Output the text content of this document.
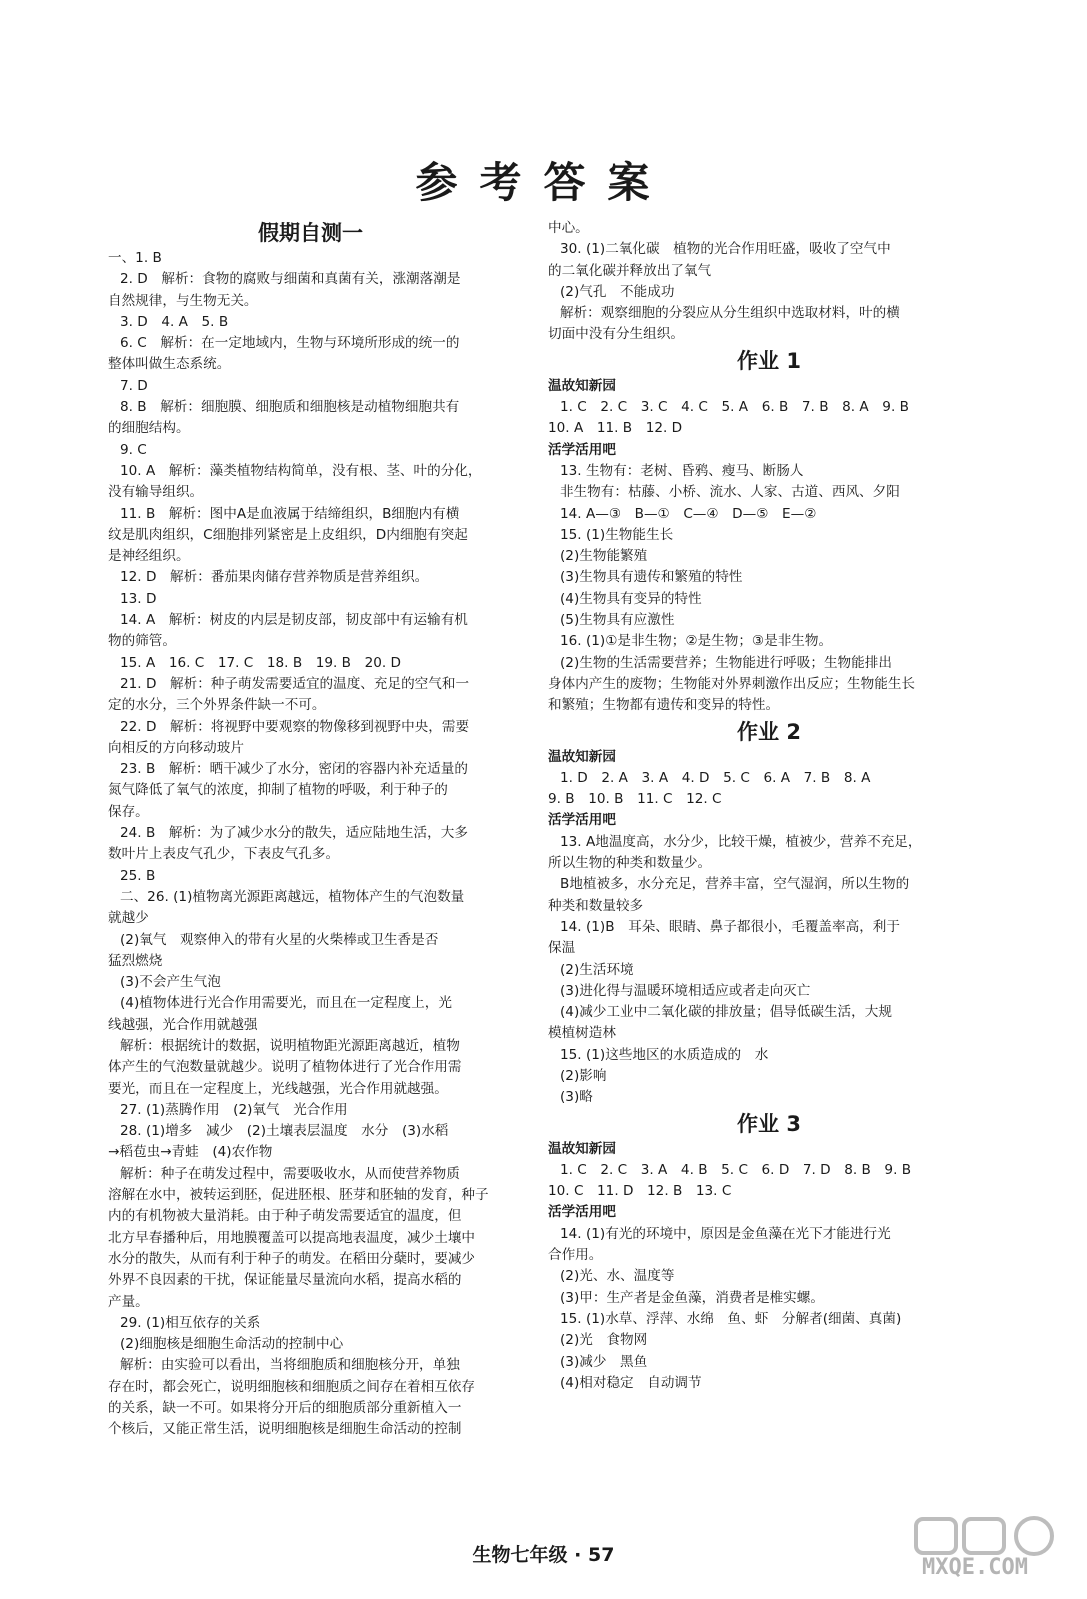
参考答案
假期自测一

一、1. B

2. D　解析：食物的腐败与细菌和真菌有关，涨潮落潮是

自然规律，与生物无关。

3. D　4. A　5. B

6. C　解析：在一定地域内，生物与环境所形成的统一的

整体叫做生态系统。

7. D

8. B　解析：细胞膜、细胞质和细胞核是动植物细胞共有

的细胞结构。

9. C

10. A　解析：藻类植物结构简单，没有根、茎、叶的分化，

没有输导组织。

11. B　解析：图中A是血液属于结缔组织，B细胞内有横

纹是肌肉组织，C细胞排列紧密是上皮组织，D内细胞有突起

是神经组织。

12. D　解析：番茄果肉储存营养物质是营养组织。

13. D

14. A　解析：树皮的内层是韧皮部，韧皮部中有运输有机

物的筛管。

15. A　16. C　17. C　18. B　19. B　20. D

21. D　解析：种子萌发需要适宜的温度、充足的空气和一

定的水分，三个外界条件缺一不可。

22. D　解析：将视野中要观察的物像移到视野中央，需要

向相反的方向移动玻片

23. B　解析：晒干减少了水分，密闭的容器内补充适量的

氮气降低了氧气的浓度，抑制了植物的呼吸，利于种子的

保存。

24. B　解析：为了减少水分的散失，适应陆地生活，大多

数叶片上表皮气孔少，下表皮气孔多。

25. B

二、26. (1)植物离光源距离越远，植物体产生的气泡数量

就越少

(2)氧气　观察伸入的带有火星的火柴棒或卫生香是否

猛烈燃烧

(3)不会产生气泡

(4)植物体进行光合作用需要光，而且在一定程度上，光

线越强，光合作用就越强

解析：根据统计的数据，说明植物距光源距离越近，植物

体产生的气泡数量就越少。说明了植物体进行了光合作用需

要光，而且在一定程度上，光线越强，光合作用就越强。

27. (1)蒸腾作用　(2)氧气　光合作用

28. (1)增多　减少　(2)土壤表层温度　水分　(3)水稻

→稻苞虫→青蛙　(4)农作物

解析：种子在萌发过程中，需要吸收水，从而使营养物质

溶解在水中，被转运到胚，促进胚根、胚芽和胚轴的发育，种子

内的有机物被大量消耗。由于种子萌发需要适宜的温度，但

北方早春播种后，用地膜覆盖可以提高地表温度，减少土壤中

水分的散失，从而有利于种子的萌发。在稻田分蘖时，要减少

外界不良因素的干扰，保证能量尽量流向水稻，提高水稻的

产量。

29. (1)相互依存的关系

(2)细胞核是细胞生命活动的控制中心

解析：由实验可以看出，当将细胞质和细胞核分开，单独

存在时，都会死亡，说明细胞核和细胞质之间存在着相互依存

的关系，缺一不可。如果将分开后的细胞质部分重新植入一

个核后，又能正常生活，说明细胞核是细胞生命活动的控制

中心。

30. (1)二氧化碳　植物的光合作用旺盛，吸收了空气中

的二氧化碳并释放出了氧气

(2)气孔　不能成功

解析：观察细胞的分裂应从分生组织中选取材料，叶的横

切面中没有分生组织。

作业 1
温故知新园

1. C　2. C　3. C　4. C　5. A　6. B　7. B　8. A　9. B

10. A　11. B　12. D

活学活用吧

13. 生物有：老树、昏鸦、瘦马、断肠人

非生物有：枯藤、小桥、流水、人家、古道、西风、夕阳

14. A—③　B—①　C—④　D—⑤　E—②

15. (1)生物能生长

(2)生物能繁殖

(3)生物具有遗传和繁殖的特性

(4)生物具有变异的特性

(5)生物具有应激性

16. (1)①是非生物；②是生物；③是非生物。

(2)生物的生活需要营养；生物能进行呼吸；生物能排出

身体内产生的废物；生物能对外界刺激作出反应；生物能生长

和繁殖；生物都有遗传和变异的特性。

作业 2
温故知新园

1. D　2. A　3. A　4. D　5. C　6. A　7. B　8. A

9. B　10. B　11. C　12. C

活学活用吧

13. A地温度高，水分少，比较干燥，植被少，营养不充足，

所以生物的种类和数量少。

B地植被多，水分充足，营养丰富，空气湿润，所以生物的

种类和数量较多

14. (1)B　耳朵、眼睛、鼻子都很小，毛覆盖率高，利于

保温

(2)生活环境

(3)进化得与温暖环境相适应或者走向灭亡

(4)减少工业中二氧化碳的排放量；倡导低碳生活，大规

模植树造林

15. (1)这些地区的水质造成的　水

(2)影响

(3)略

作业 3
温故知新园

1. C　2. C　3. A　4. B　5. C　6. D　7. D　8. B　9. B

10. C　11. D　12. B　13. C

活学活用吧

14. (1)有光的环境中，原因是金鱼藻在光下才能进行光

合作用。

(2)光、水、温度等

(3)甲：生产者是金鱼藻，消费者是椎实螺。

15. (1)水草、浮萍、水绵　鱼、虾　分解者(细菌、真菌)

(2)光　食物网

(3)减少　黑鱼

(4)相对稳定　自动调节

生物七年级 · 57	MXQE.COM
